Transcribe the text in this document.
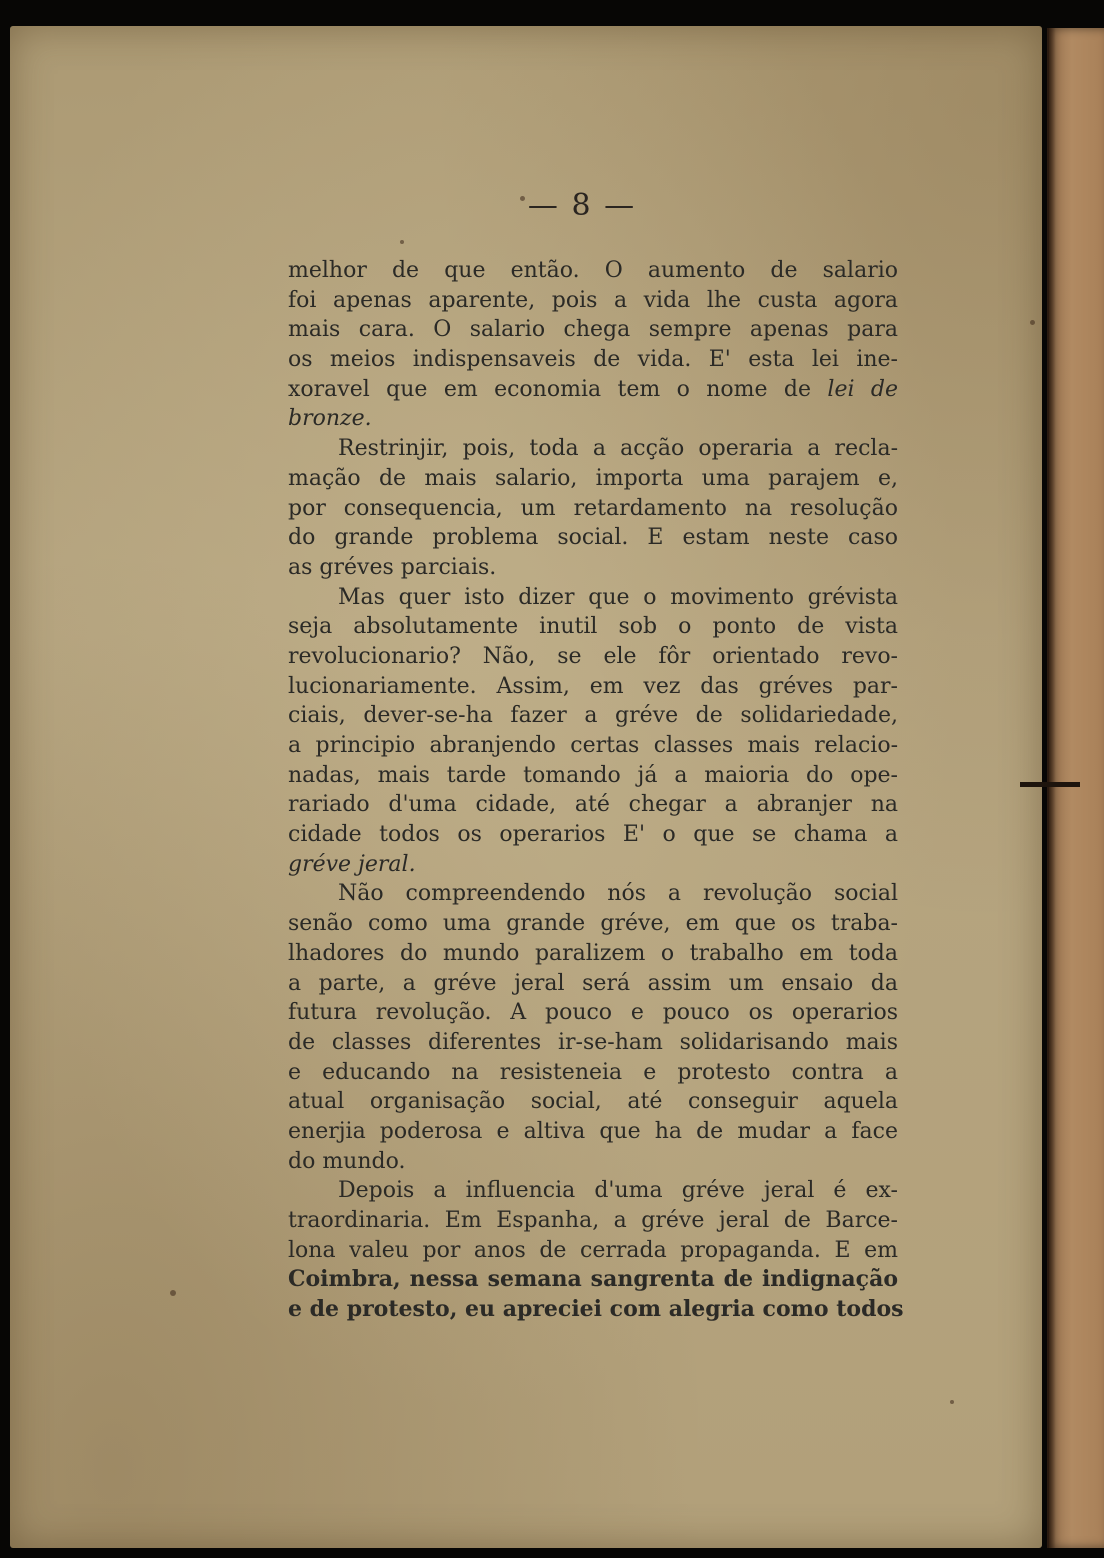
— 8 —
melhor de que então. O aumento de salario
foi apenas aparente, pois a vida lhe custa agora
mais cara. O salario chega sempre apenas para
os meios indispensaveis de vida. E' esta lei ine-
xoravel que em economia tem o nome de lei de
bronze.
Restrinjir, pois, toda a acção operaria a recla-
mação de mais salario, importa uma parajem e,
por consequencia, um retardamento na resolução
do grande problema social. E estam neste caso
as gréves parciais.
Mas quer isto dizer que o movimento grévista
seja absolutamente inutil sob o ponto de vista
revolucionario? Não, se ele fôr orientado revo-
lucionariamente. Assim, em vez das gréves par-
ciais, dever-se-ha fazer a gréve de solidariedade,
a principio abranjendo certas classes mais relacio-
nadas, mais tarde tomando já a maioria do ope-
rariado d'uma cidade, até chegar a abranjer na
cidade todos os operarios E' o que se chama a
gréve jeral.
Não compreendendo nós a revolução social
senão como uma grande gréve, em que os traba-
lhadores do mundo paralizem o trabalho em toda
a parte, a gréve jeral será assim um ensaio da
futura revolução. A pouco e pouco os operarios
de classes diferentes ir-se-ham solidarisando mais
e educando na resisteneia e protesto contra a
atual organisação social, até conseguir aquela
enerjia poderosa e altiva que ha de mudar a face
do mundo.
Depois a influencia d'uma gréve jeral é ex-
traordinaria. Em Espanha, a gréve jeral de Barce-
lona valeu por anos de cerrada propaganda. E em
Coimbra, nessa semana sangrenta de indignação
e de protesto, eu apreciei com alegria como todos
